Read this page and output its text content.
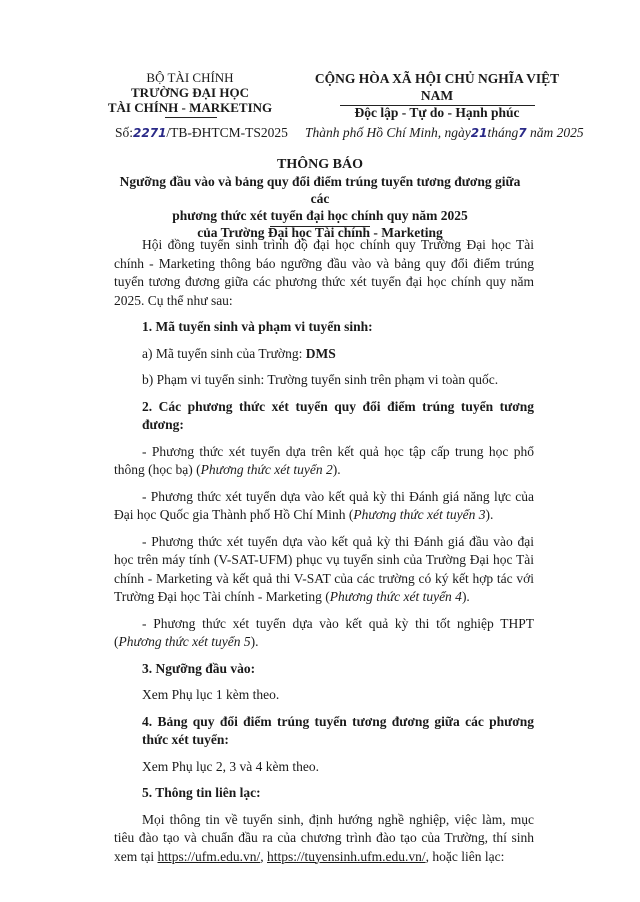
BỘ TÀI CHÍNH
TRƯỜNG ĐẠI HỌC
TÀI CHÍNH - MARKETING
CỘNG HÒA XÃ HỘI CHỦ NGHĨA VIỆT NAM
Độc lập - Tự do - Hạnh phúc
Số:2271/TB-ĐHTCM-TS2025 Thành phố Hồ Chí Minh, ngày21tháng7 năm 2025
THÔNG BÁO
Ngưỡng đầu vào và bảng quy đổi điểm trúng tuyển tương đương giữa các
phương thức xét tuyển đại học chính quy năm 2025
của Trường Đại học Tài chính - Marketing

Hội đồng tuyển sinh trình độ đại học chính quy Trường Đại học Tài chính - Marketing thông báo ngưỡng đầu vào và bảng quy đổi điểm trúng tuyển tương đương giữa các phương thức xét tuyển đại học chính quy năm 2025. Cụ thể như sau:

1. Mã tuyển sinh và phạm vi tuyển sinh:

a) Mã tuyển sinh của Trường: DMS

b) Phạm vi tuyển sinh: Trường tuyển sinh trên phạm vi toàn quốc.

2. Các phương thức xét tuyển quy đổi điểm trúng tuyển tương đương:

- Phương thức xét tuyển dựa trên kết quả học tập cấp trung học phổ thông (học bạ) (Phương thức xét tuyển 2).

- Phương thức xét tuyển dựa vào kết quả kỳ thi Đánh giá năng lực của Đại học Quốc gia Thành phố Hồ Chí Minh (Phương thức xét tuyển 3).

- Phương thức xét tuyển dựa vào kết quả kỳ thi Đánh giá đầu vào đại học trên máy tính (V-SAT-UFM) phục vụ tuyển sinh của Trường Đại học Tài chính - Marketing và kết quả thi V-SAT của các trường có ký kết hợp tác với Trường Đại học Tài chính - Marketing (Phương thức xét tuyển 4).

- Phương thức xét tuyển dựa vào kết quả kỳ thi tốt nghiệp THPT (Phương thức xét tuyển 5).

3. Ngưỡng đầu vào:

Xem Phụ lục 1 kèm theo.

4. Bảng quy đổi điểm trúng tuyển tương đương giữa các phương thức xét tuyển:

Xem Phụ lục 2, 3 và 4 kèm theo.

5. Thông tin liên lạc:

Mọi thông tin về tuyển sinh, định hướng nghề nghiệp, việc làm, mục tiêu đào tạo và chuẩn đầu ra của chương trình đào tạo của Trường, thí sinh xem tại https://ufm.edu.vn/, https://tuyensinh.ufm.edu.vn/, hoặc liên lạc:
